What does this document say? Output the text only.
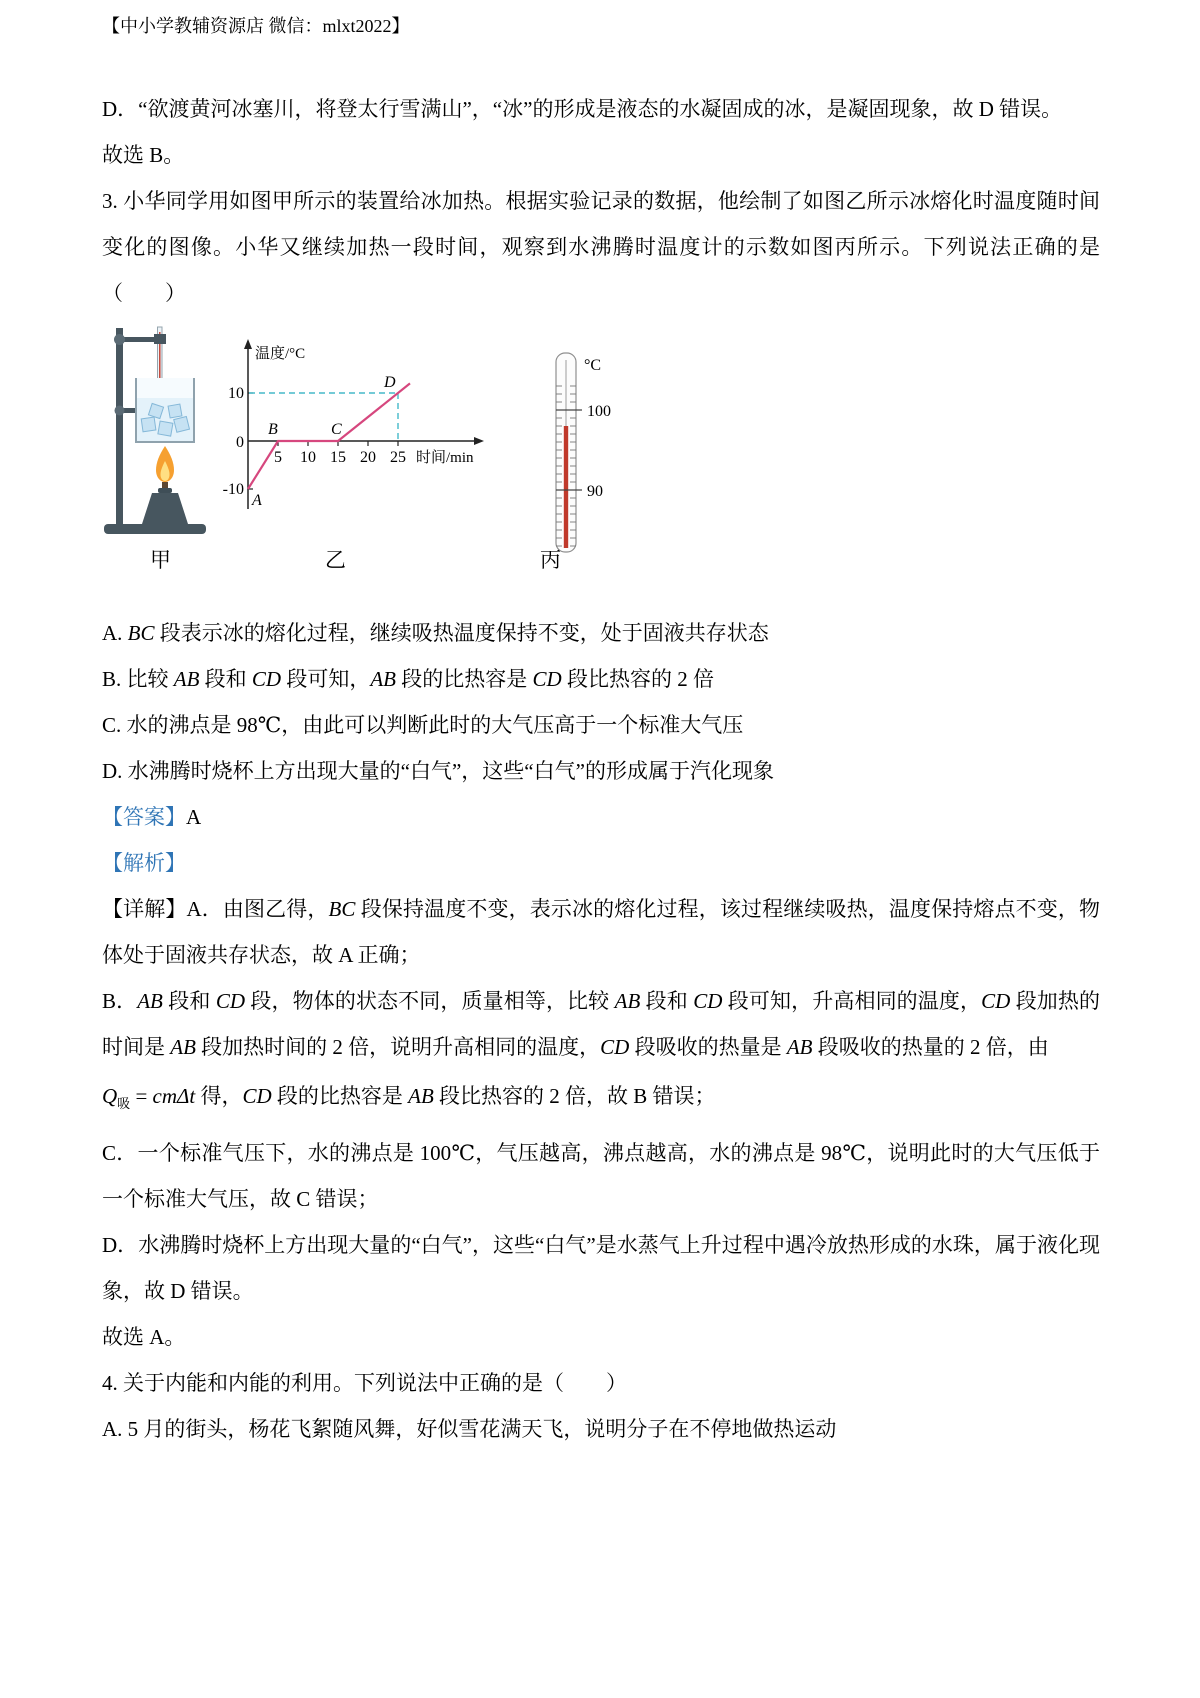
【中小学教辅资源店 微信：mlxt2022】

D．“欲渡黄河冰塞川，将登太行雪满山”，“冰”的形成是液态的水凝固成的冰，是凝固现象，故 D 错误。

故选 B。

3. 小华同学用如图甲所示的装置给冰加热。根据实验记录的数据，他绘制了如图乙所示冰熔化时温度随时间变化的图像。小华又继续加热一段时间，观察到水沸腾时温度计的示数如图丙所示。下列说法正确的是（　　）

温度/°C
10
0
-10
5 10 15 20 25 时间/min
A
B	C
D
°C
100
90
甲	乙	丙

A. BC 段表示冰的熔化过程，继续吸热温度保持不变，处于固液共存状态

B. 比较 AB 段和 CD 段可知，AB 段的比热容是 CD 段比热容的 2 倍

C. 水的沸点是 98℃，由此可以判断此时的大气压高于一个标准大气压

D. 水沸腾时烧杯上方出现大量的“白气”，这些“白气”的形成属于汽化现象

【答案】A

【解析】

【详解】A．由图乙得，BC 段保持温度不变，表示冰的熔化过程，该过程继续吸热，温度保持熔点不变，物体处于固液共存状态，故 A 正确；

B．AB 段和 CD 段，物体的状态不同，质量相等，比较 AB 段和 CD 段可知，升高相同的温度，CD 段加热的时间是 AB 段加热时间的 2 倍，说明升高相同的温度，CD 段吸收的热量是 AB 段吸收的热量的 2 倍，由

$Q_吸 = cm\Delta t$ 得，CD 段的比热容是 AB 段比热容的 2 倍，故 B 错误；

C．一个标准气压下，水的沸点是 100℃，气压越高，沸点越高，水的沸点是 98℃，说明此时的大气压低于一个标准大气压，故 C 错误；

D．水沸腾时烧杯上方出现大量的“白气”，这些“白气”是水蒸气上升过程中遇冷放热形成的水珠，属于液化现象，故 D 错误。

故选 A。

4. 关于内能和内能的利用。下列说法中正确的是（　　）

A. 5 月的街头，杨花飞絮随风舞，好似雪花满天飞，说明分子在不停地做热运动
